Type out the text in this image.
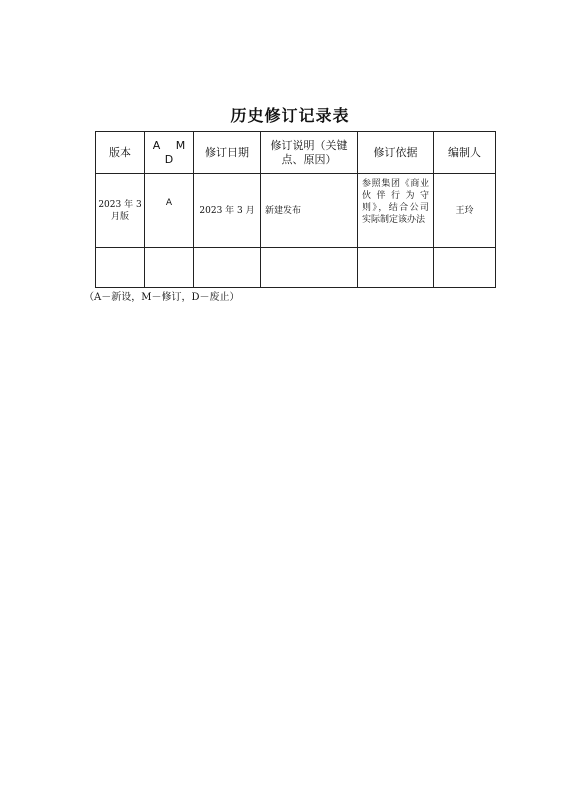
历史修订记录表
版本	A M D	修订日期	修订说明（关键点、原因）	修订依据	编制人
2023 年 3 月版	A	2023 年 3 月	新建发布	参照集团《商业伙伴行为守则》，结合公司实际制定该办法	王玲

（A－新设，M－修订，D－废止）
